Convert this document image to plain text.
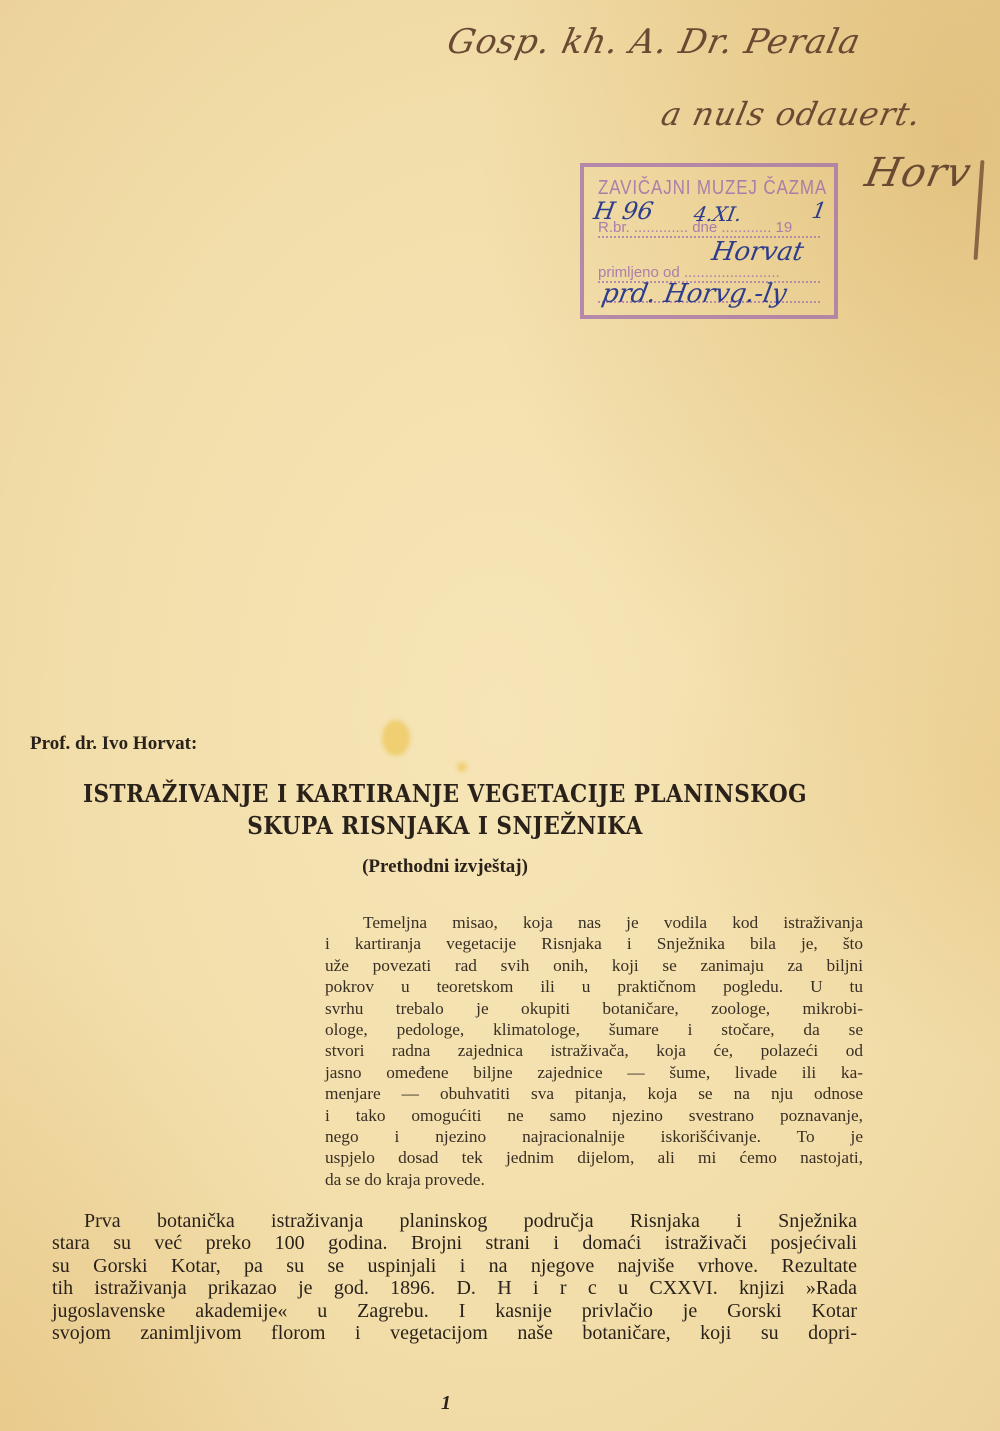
Gosp. kh. A. Dr. Perala
a nuls odauert.
Horv
ZAVIČAJNI MUZEJ ČAZMA
R.br. ............. dne ............ 19
primljeno od .......................
H 96 4.XI.	1
Horvat
prd. Horvg.-ly
Prof. dr. Ivo Horvat:
ISTRAŽIVANJE I KARTIRANJE VEGETACIJE PLANINSKOG
SKUPA RISNJAKA I SNJEŽNIKA
(Prethodni izvještaj)
Temeljna misao, koja nas je vodila kod istraživanja
i kartiranja vegetacije Risnjaka i Snježnika bila je, što
uže povezati rad svih onih, koji se zanimaju za biljni
pokrov u teoretskom ili u praktičnom pogledu. U tu
svrhu trebalo je okupiti botaničare, zoologe, mikrobi-
ologe, pedologe, klimatologe, šumare i stočare, da se
stvori radna zajednica istraživača, koja će, polazeći od
jasno omeđene biljne zajednice — šume, livade ili ka-
menjare — obuhvatiti sva pitanja, koja se na nju odnose
i tako omogućiti ne samo njezino svestrano poznavanje,
nego i njezino najracionalnije iskorišćivanje. To je
uspjelo dosad tek jednim dijelom, ali mi ćemo nastojati,
da se do kraja provede.
Prva botanička istraživanja planinskog područja Risnjaka i Snježnika
stara su već preko 100 godina. Brojni strani i domaći istraživači posjećivali
su Gorski Kotar, pa su se uspinjali i na njegove najviše vrhove. Rezultate
tih istraživanja prikazao je god. 1896. D. H i r c u CXXVI. knjizi »Rada
jugoslavenske akademije« u Zagrebu. I kasnije privlačio je Gorski Kotar
svojom zanimljivom florom i vegetacijom naše botaničare, koji su dopri-
1
